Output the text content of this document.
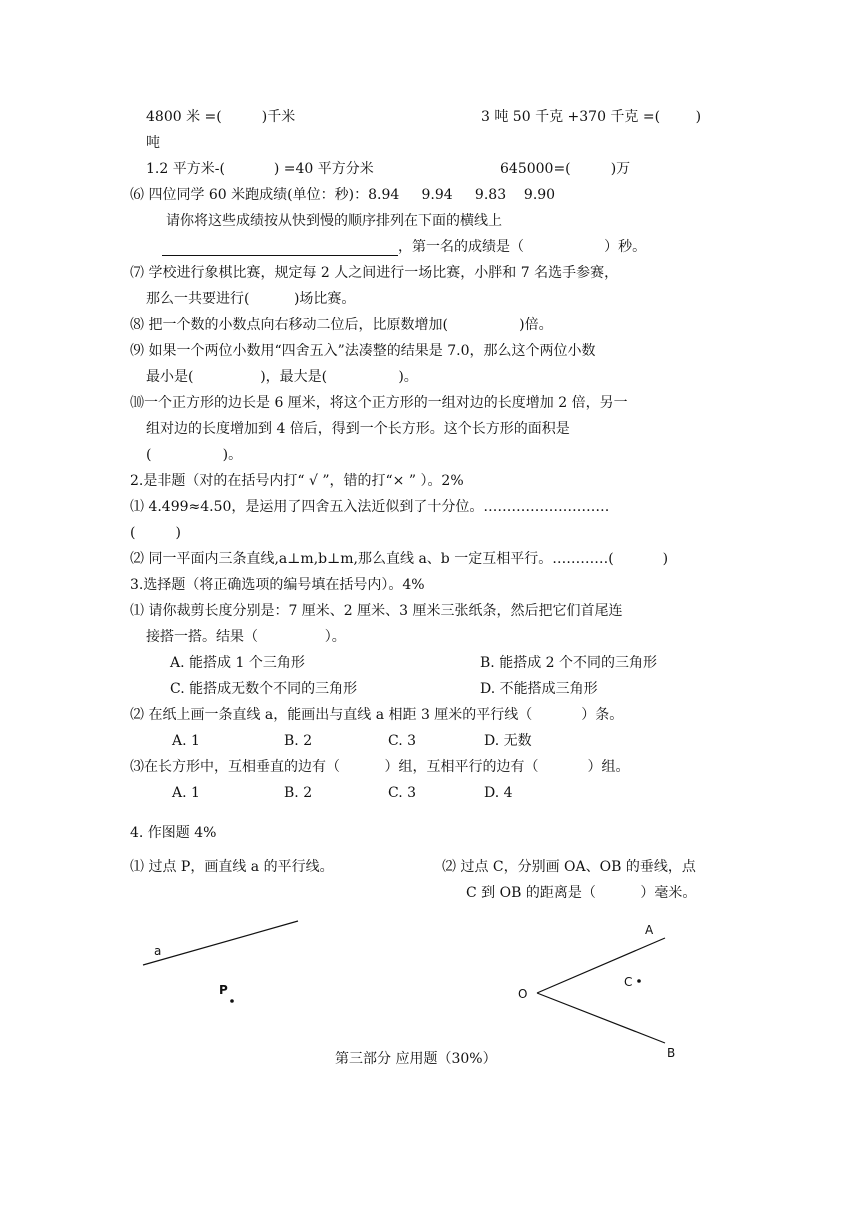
4800 米 =(         )千米	3 吨 50 千克 +370 千克 =(        )
吨
1.2 平方米-(           ) =40 平方分米	645000=(         )万
⑹ 四位同学 60 米跑成绩(单位：秒)：8.94     9.94     9.83    9.90
请你将这些成绩按从快到慢的顺序排列在下面的横线上
，第一名的成绩是（                  ）秒。
⑺ 学校进行象棋比赛，规定每 2 人之间进行一场比赛，小胖和 7 名选手参赛，
那么一共要进行(          )场比赛。
⑻ 把一个数的小数点向右移动二位后，比原数增加(                )倍。
⑼ 如果一个两位小数用“四舍五入”法凑整的结果是 7.0，那么这个两位小数
最小是(               )，最大是(                )。
⑽一个正方形的边长是 6 厘米，将这个正方形的一组对边的长度增加 2 倍，另一
组对边的长度增加到 4 倍后，得到一个长方形。这个长方形的面积是
(                )。
2.是非题（对的在括号内打“ √ ”，错的打“× ” ）。2%
⑴ 4.499≈4.50，是运用了四舍五入法近似到了十分位。………………………
(         )
⑵ 同一平面内三条直线,a⊥m,b⊥m,那么直线 a、b 一定互相平行。…………(           )
3.选择题（将正确选项的编号填在括号内）。4%
⑴ 请你裁剪长度分别是：7 厘米、2 厘米、3 厘米三张纸条，然后把它们首尾连
接搭一搭。结果（               ）。
A. 能搭成 1 个三角形	B. 能搭成 2 个不同的三角形
C. 能搭成无数个不同的三角形	D. 不能搭成三角形
⑵ 在纸上画一条直线 a，能画出与直线 a 相距 3 厘米的平行线（           ）条。
A. 1	B. 2	C. 3	D. 无数
⑶在长方形中，互相垂直的边有（          ）组，互相平行的边有（           ）组。
A. 1	B. 2	C. 3	D. 4
4. 作图题 4%
⑴ 过点 P，画直线 a 的平行线。	⑵ 过点 C，分别画 OA、OB 的垂线，点
C 到 OB 的距离是（          ）毫米。
a
P	O
A
C
B
第三部分 应用题（30%）
